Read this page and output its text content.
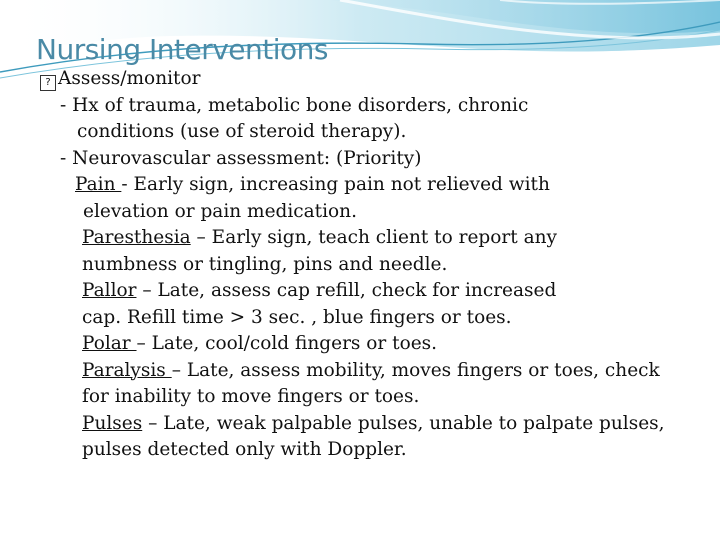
Nursing Interventions
? Assess/monitor
- Hx of trauma, metabolic bone disorders, chronic
conditions (use of steroid therapy).
- Neurovascular assessment: (Priority)
Pain - Early sign, increasing pain not relieved with
elevation or pain medication.
Paresthesia – Early sign, teach client to report any
numbness or tingling, pins and needle.
Pallor – Late, assess cap refill, check for increased
cap. Refill time > 3 sec. , blue fingers or toes.
Polar – Late, cool/cold fingers or toes.
Paralysis – Late, assess mobility, moves fingers or toes, check
for inability to move fingers or toes.
Pulses – Late, weak palpable pulses, unable to palpate pulses,
pulses detected only with Doppler.
